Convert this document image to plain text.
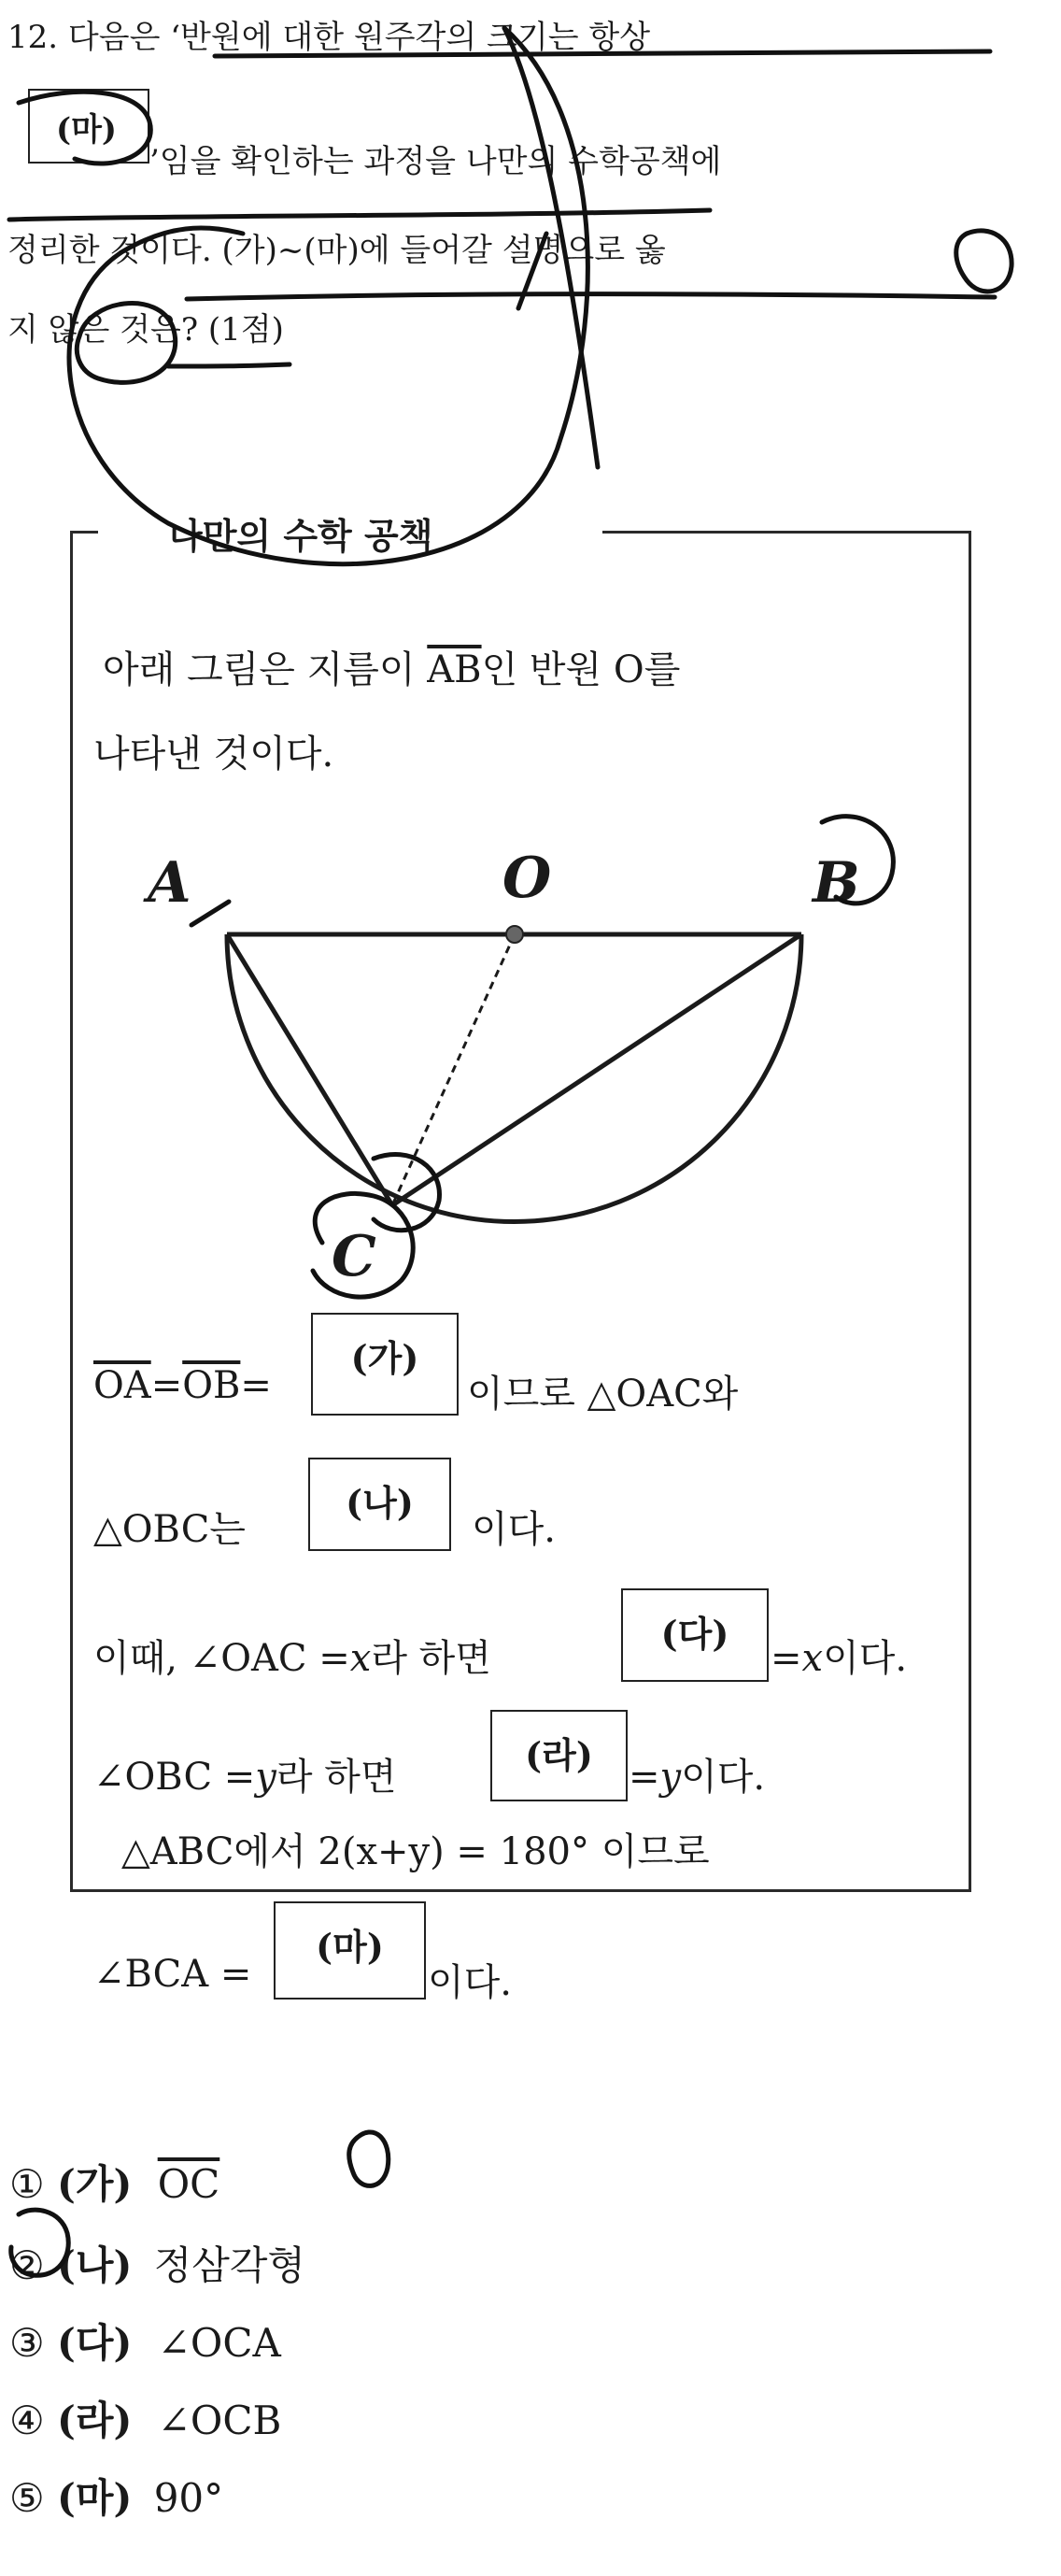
12. 다음은 ‘반원에 대한 원주각의 크기는 항상
(마)
’임을 확인하는 과정을 나만의 수학공책에
정리한 것이다. (가)~(마)에 들어갈 설명으로 옳
지 않은 것은? (1점)
나만의 수학 공책
아래 그림은 지름이 $\overline{AB}$인 반원 O를
나타낸 것이다.
A	O	B
C
$\overline{OA}=\overline{OB}=$
(가)
이므로 △OAC와
△OBC는
(나)
이다.
이때, ∠OAC =x라 하면
(다)
=x이다.
∠OBC =y라 하면
(라)
=y이다.
△ABC에서 2(x+y) = 180° 이므로
∠BCA =
(마)
이다.
① (가) $\overline{OC}$
② (나) 정삼각형
③ (다) ∠OCA
④ (라) ∠OCB
⑤ (마) 90°
